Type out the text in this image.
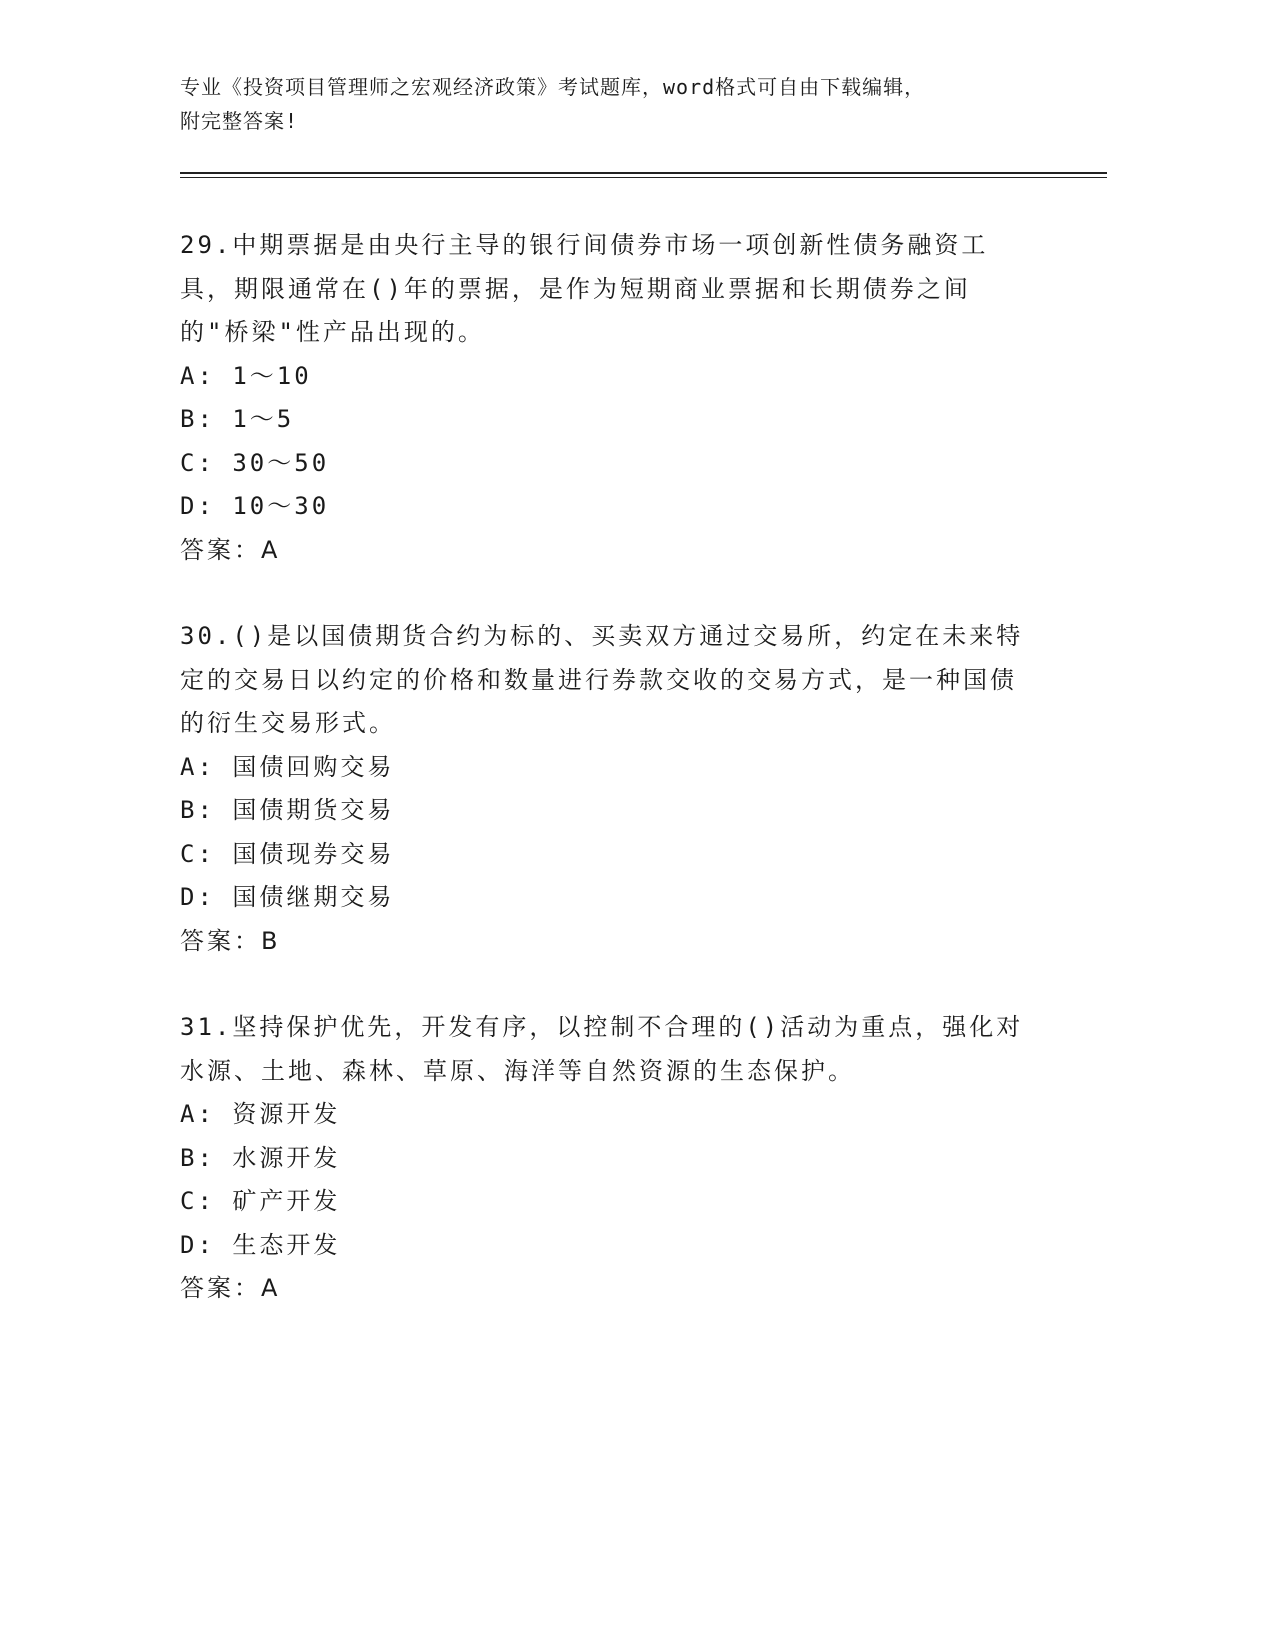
专业《投资项目管理师之宏观经济政策》考试题库，word格式可自由下载编辑，

附完整答案!

29.中期票据是由央行主导的银行间债券市场一项创新性债务融资工具，期限通常在()年的票据，是作为短期商业票据和长期债券之间的"桥梁"性产品出现的。

A: 1～10

B: 1～5

C: 30～50

D: 10～30

答案：A

30.()是以国债期货合约为标的、买卖双方通过交易所，约定在未来特定的交易日以约定的价格和数量进行券款交收的交易方式，是一种国债的衍生交易形式。

A: 国债回购交易

B: 国债期货交易

C: 国债现券交易

D: 国债继期交易

答案：B

31.坚持保护优先，开发有序，以控制不合理的()活动为重点，强化对水源、土地、森林、草原、海洋等自然资源的生态保护。

A: 资源开发

B: 水源开发

C: 矿产开发

D: 生态开发

答案：A
